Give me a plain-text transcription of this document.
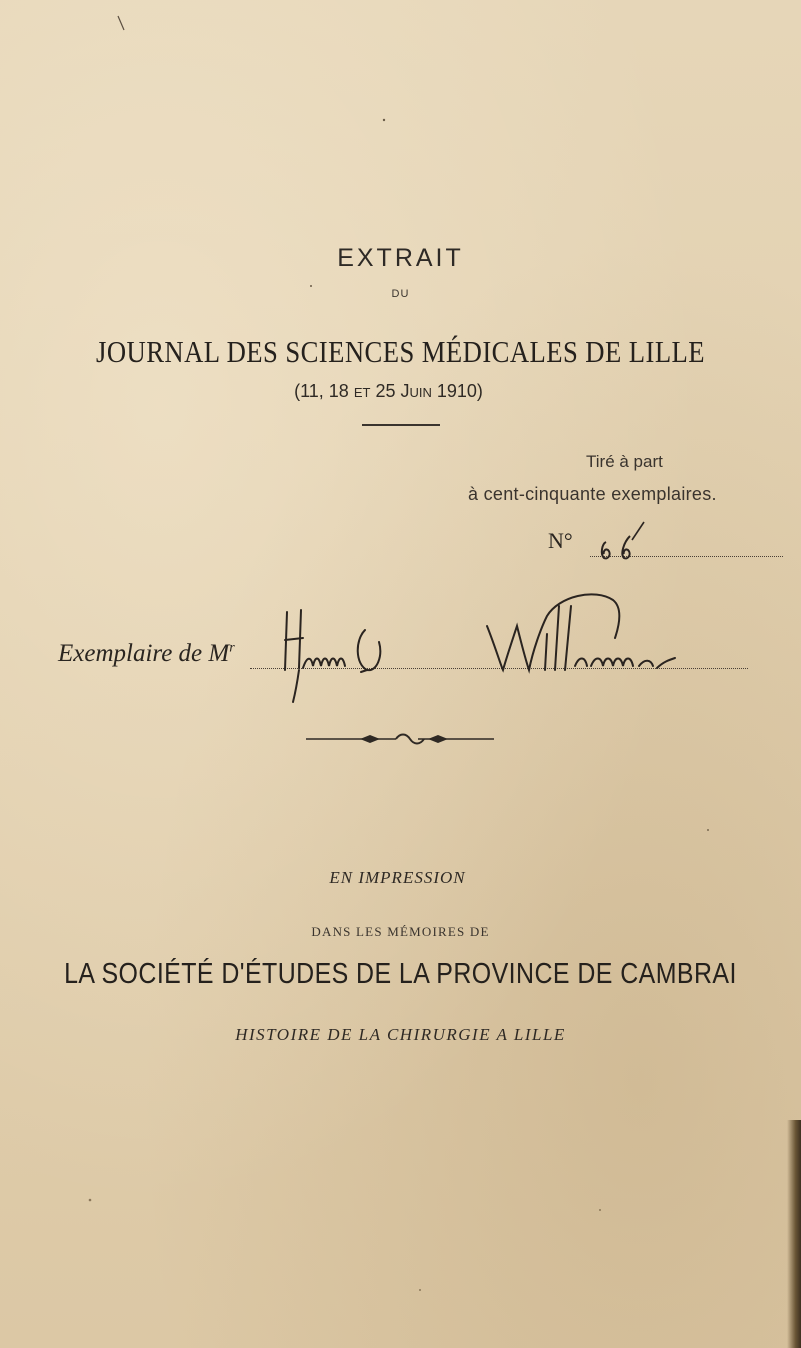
EXTRAIT
DU
JOURNAL DES SCIENCES MÉDICALES DE LILLE
(11, 18 et 25 Juin 1910)
Tiré à part
à cent-cinquante exemplaires.
N°
Exemplaire de $M^r$
EN IMPRESSION
DANS LES MÉMOIRES DE
LA SOCIÉTÉ D'ÉTUDES DE LA PROVINCE DE CAMBRAI
HISTOIRE DE LA CHIRURGIE A LILLE
